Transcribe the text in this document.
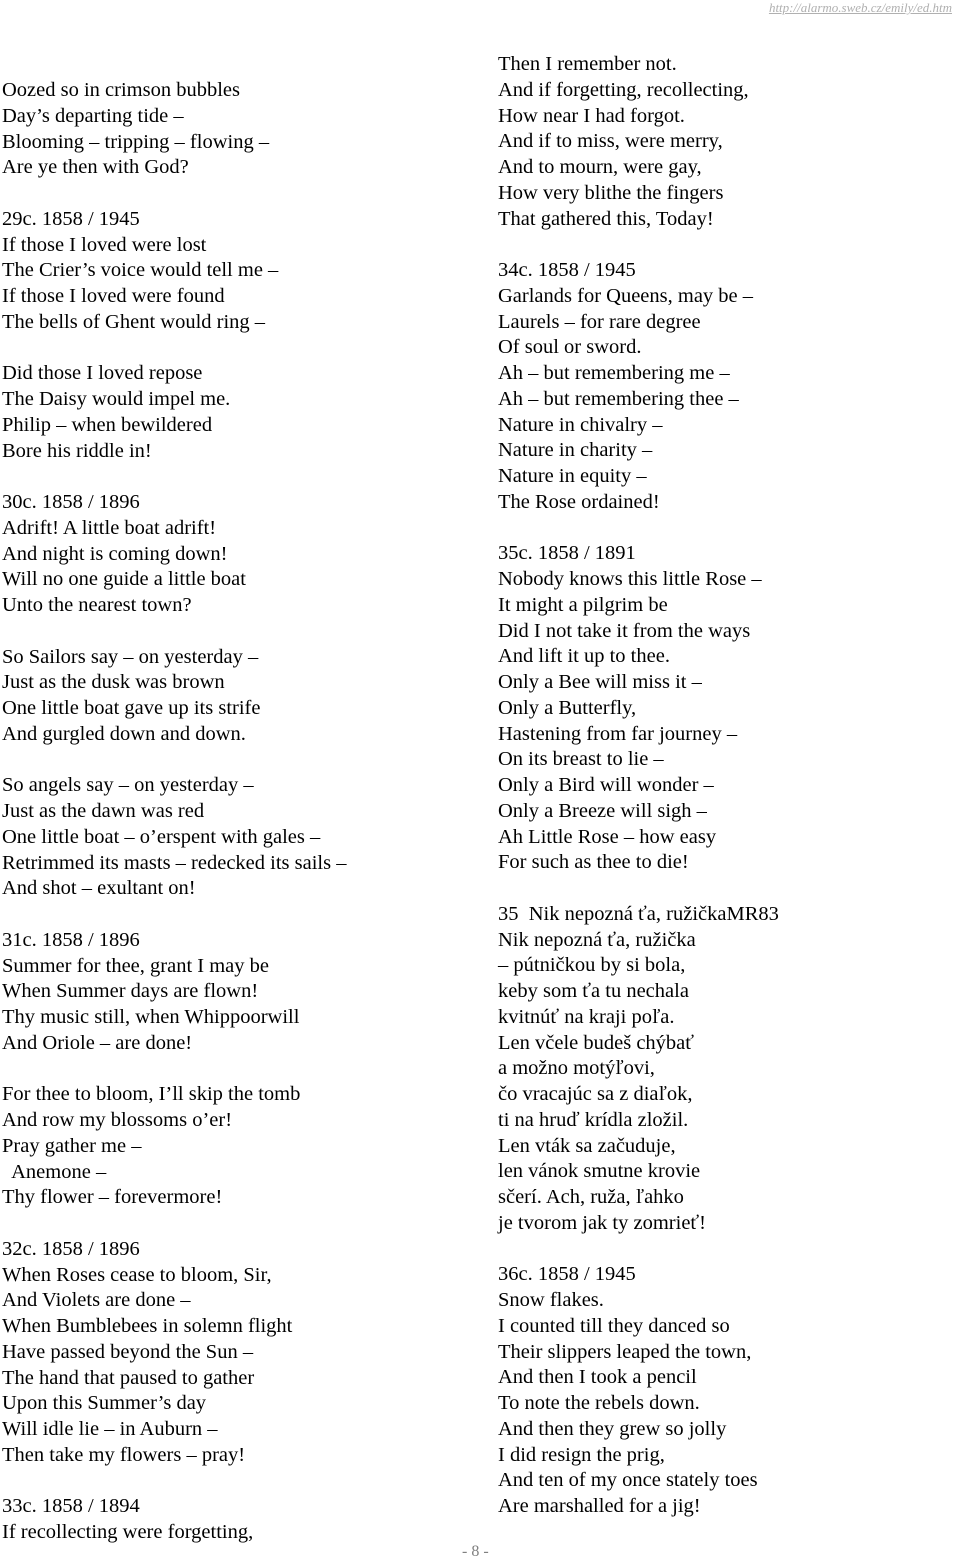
http://alarmo.sweb.cz/emily/ed.htm
Oozed so in crimson bubbles
Day’s departing tide –
Blooming – tripping – flowing –
Are ye then with God?
29c. 1858 / 1945
If those I loved were lost
The Crier’s voice would tell me –
If those I loved were found
The bells of Ghent would ring –
Did those I loved repose
The Daisy would impel me.
Philip – when bewildered
Bore his riddle in!
30c. 1858 / 1896
Adrift! A little boat adrift!
And night is coming down!
Will no one guide a little boat
Unto the nearest town?
So Sailors say – on yesterday –
Just as the dusk was brown
One little boat gave up its strife
And gurgled down and down.
So angels say – on yesterday –
Just as the dawn was red
One little boat – o’erspent with gales –
Retrimmed its masts – redecked its sails –
And shot – exultant on!
31c. 1858 / 1896
Summer for thee, grant I may be
When Summer days are flown!
Thy music still, when Whippoorwill
And Oriole – are done!
For thee to bloom, I’ll skip the tomb
And row my blossoms o’er!
Pray gather me –
Anemone –
Thy flower – forevermore!
32c. 1858 / 1896
When Roses cease to bloom, Sir,
And Violets are done –
When Bumblebees in solemn flight
Have passed beyond the Sun –
The hand that paused to gather
Upon this Summer’s day
Will idle lie – in Auburn –
Then take my flowers – pray!
33c. 1858 / 1894
If recollecting were forgetting,
Then I remember not.
And if forgetting, recollecting,
How near I had forgot.
And if to miss, were merry,
And to mourn, were gay,
How very blithe the fingers
That gathered this, Today!
34c. 1858 / 1945
Garlands for Queens, may be –
Laurels – for rare degree
Of soul or sword.
Ah – but remembering me –
Ah – but remembering thee –
Nature in chivalry –
Nature in charity –
Nature in equity –
The Rose ordained!
35c. 1858 / 1891
Nobody knows this little Rose –
It might a pilgrim be
Did I not take it from the ways
And lift it up to thee.
Only a Bee will miss it –
Only a Butterfly,
Hastening from far journey –
On its breast to lie –
Only a Bird will wonder –
Only a Breeze will sigh –
Ah Little Rose – how easy
For such as thee to die!
35  Nik nepozná ťa, ružičkaMR83
Nik nepozná ťa, ružička
– pútničkou by si bola,
keby som ťa tu nechala
kvitnúť na kraji poľa.
Len včele budeš chýbať
a možno motýľovi,
čo vracajúc sa z diaľok,
ti na hruď krídla zložil.
Len vták sa začuduje,
len vánok smutne krovie
sčerí. Ach, ruža, ľahko
je tvorom jak ty zomrieť!
36c. 1858 / 1945
Snow flakes.
I counted till they danced so
Their slippers leaped the town,
And then I took a pencil
To note the rebels down.
And then they grew so jolly
I did resign the prig,
And ten of my once stately toes
Are marshalled for a jig!
- 8 -
